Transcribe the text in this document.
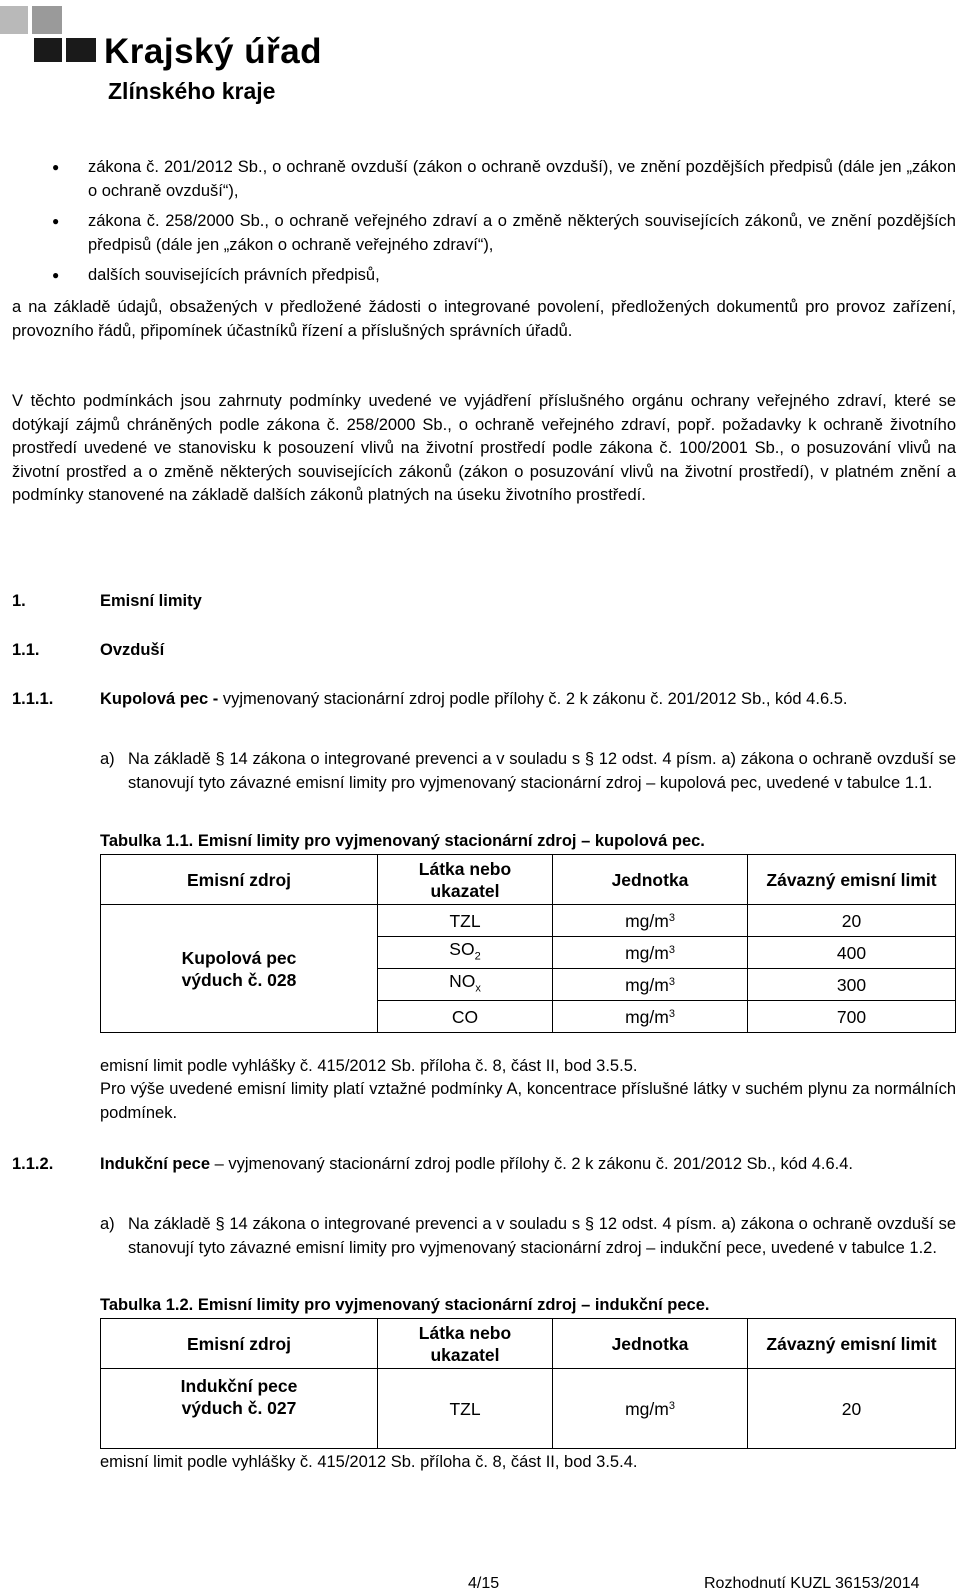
Krajský úřad
Zlínského kraje
● zákona č. 201/2012 Sb., o ochraně ovzduší (zákon o ochraně ovzduší), ve znění pozdějších předpisů (dále jen „zákon o ochraně ovzduší“),
● zákona č. 258/2000 Sb., o ochraně veřejného zdraví a o změně některých souvisejících zákonů, ve znění pozdějších předpisů (dále jen „zákon o ochraně veřejného zdraví“),
● dalších souvisejících právních předpisů,
a na základě údajů, obsažených v předložené žádosti o integrované povolení, předložených dokumentů pro provoz zařízení, provozního řádů, připomínek účastníků řízení a příslušných správních úřadů.
V těchto podmínkách jsou zahrnuty podmínky uvedené ve vyjádření příslušného orgánu ochrany veřejného zdraví, které se dotýkají zájmů chráněných podle zákona č. 258/2000 Sb., o ochraně veřejného zdraví, popř. požadavky k ochraně životního prostředí uvedené ve stanovisku k posouzení vlivů na životní prostředí podle zákona č. 100/2001 Sb., o posuzování vlivů na životní prostřed a o změně některých souvisejících zákonů (zákon o posuzování vlivů na životní prostředí), v platném znění a podmínky stanovené na základě dalších zákonů platných na úseku životního prostředí.
1.	Emisní limity
1.1.	Ovzduší
1.1.1.	Kupolová pec - vyjmenovaný stacionární zdroj podle přílohy č. 2 k zákonu č. 201/2012 Sb., kód 4.6.5.
a) Na základě § 14 zákona o integrované prevenci a v souladu s § 12 odst. 4 písm. a) zákona o ochraně ovzduší se stanovují tyto závazné emisní limity pro vyjmenovaný stacionární zdroj – kupolová pec, uvedené v tabulce 1.1.
Tabulka 1.1. Emisní limity pro vyjmenovaný stacionární zdroj – kupolová pec.
Emisní zdroj	Látka nebo ukazatel	Jednotka	Závazný emisní limit
Kupolová pec výduch č. 028	TZL	$mg/m^3$	20
	$SO_2$	$mg/m^3$	400
	$NO_x$	$mg/m^3$	300
	CO	$mg/m^3$	700
emisní limit podle vyhlášky č. 415/2012 Sb. příloha č. 8, část II, bod 3.5.5.
Pro výše uvedené emisní limity platí vztažné podmínky A, koncentrace příslušné látky v suchém plynu za normálních podmínek.
1.1.2.	Indukční pece – vyjmenovaný stacionární zdroj podle přílohy č. 2 k zákonu č. 201/2012 Sb., kód 4.6.4.
a) Na základě § 14 zákona o integrované prevenci a v souladu s § 12 odst. 4 písm. a) zákona o ochraně ovzduší se stanovují tyto závazné emisní limity pro vyjmenovaný stacionární zdroj – indukční pece, uvedené v tabulce 1.2.
Tabulka 1.2. Emisní limity pro vyjmenovaný stacionární zdroj – indukční pece.
Emisní zdroj	Látka nebo ukazatel	Jednotka	Závazný emisní limit
Indukční pece výduch č. 027	TZL	$mg/m^3$	20
emisní limit podle vyhlášky č. 415/2012 Sb. příloha č. 8, část II, bod 3.5.4.
4/15	Rozhodnutí KUZL 36153/2014
